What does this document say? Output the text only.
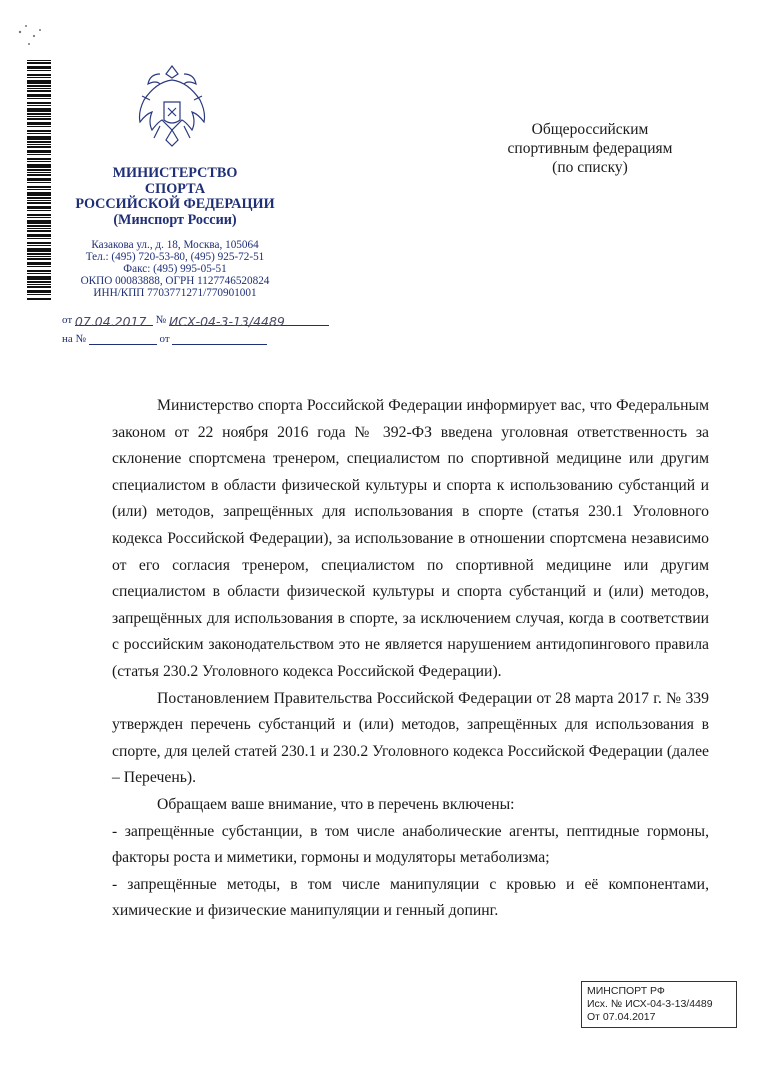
МИНИСТЕРСТВО
СПОРТА
РОССИЙСКОЙ ФЕДЕРАЦИИ
(Минспорт России)
Казакова ул., д. 18, Москва, 105064
Тел.: (495) 720-53-80, (495) 925-72-51
Факс: (495) 995-05-51
ОКПО 00083888, ОГРН 1127746520824
ИНН/КПП 7703771271/770901001
от 07.04.2017 № ИСХ-04-3-13/4489
на №	от
Общероссийским
спортивным федерациям
(по списку)

Министерство спорта Российской Федерации информирует вас, что Федеральным законом от 22 ноября 2016 года № 392-ФЗ введена уголовная ответственность за склонение спортсмена тренером, специалистом по спортивной медицине или другим специалистом в области физической культуры и спорта к использованию субстанций и (или) методов, запрещённых для использования в спорте (статья 230.1 Уголовного кодекса Российской Федерации), за использование в отношении спортсмена независимо от его согласия тренером, специалистом по спортивной медицине или другим специалистом в области физической культуры и спорта субстанций и (или) методов, запрещённых для использования в спорте, за исключением случая, когда в соответствии с российским законодательством это не является нарушением антидопингового правила (статья 230.2 Уголовного кодекса Российской Федерации).

Постановлением Правительства Российской Федерации от 28 марта 2017 г. № 339 утвержден перечень субстанций и (или) методов, запрещённых для использования в спорте, для целей статей 230.1 и 230.2 Уголовного кодекса Российской Федерации (далее – Перечень).

Обращаем ваше внимание, что в перечень включены:

- запрещённые субстанции, в том числе анаболические агенты, пептидные гормоны, факторы роста и миметики, гормоны и модуляторы метаболизма;

- запрещённые методы, в том числе манипуляции с кровью и её компонентами, химические и физические манипуляции и генный допинг.

МИНСПОРТ РФ
Исх. № ИСХ-04-3-13/4489
От 07.04.2017
